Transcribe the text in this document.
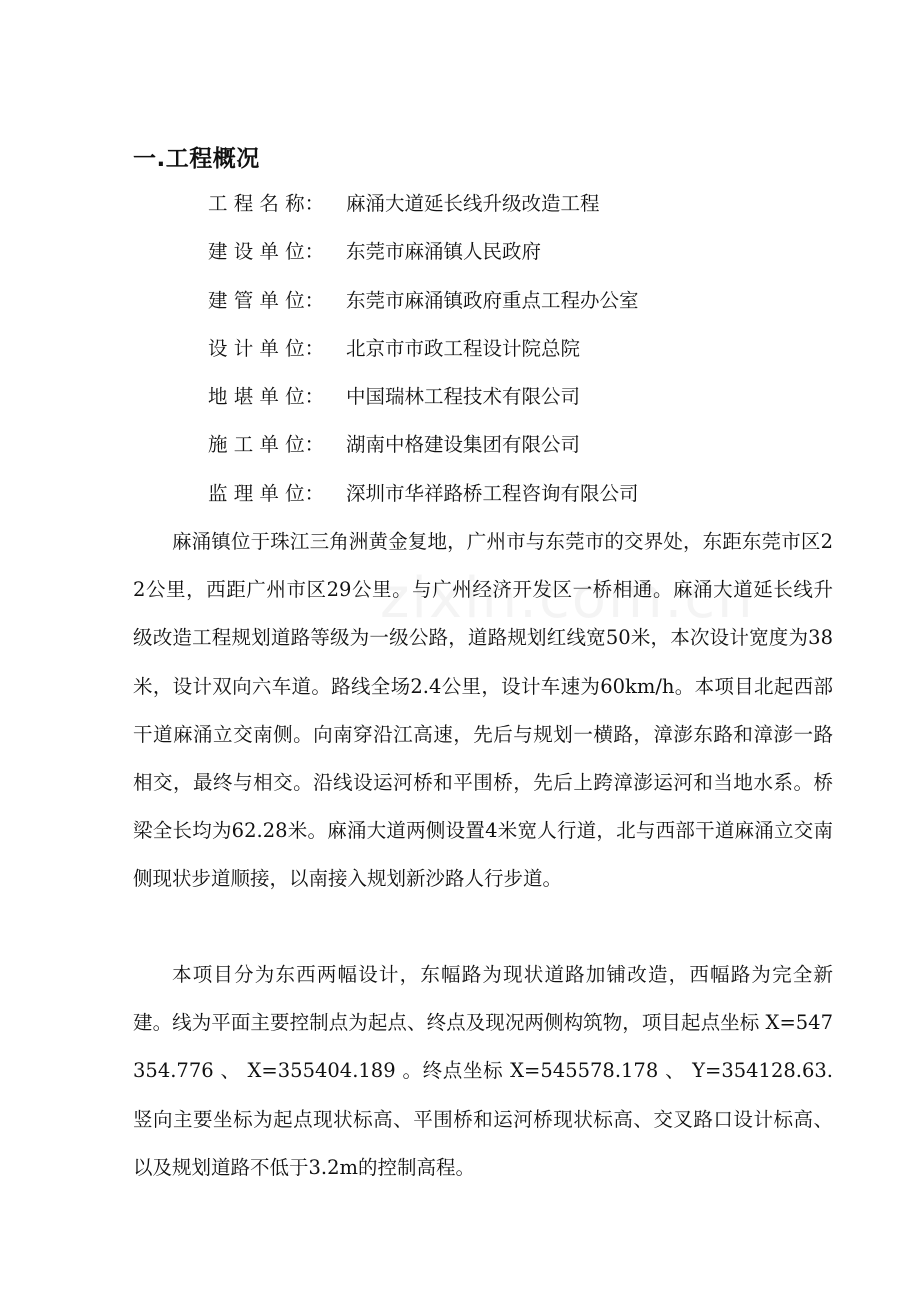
一.工程概况
工 程 名 称： 麻涌大道延长线升级改造工程
建 设 单 位： 东莞市麻涌镇人民政府
建 管 单 位： 东莞市麻涌镇政府重点工程办公室
设 计 单 位： 北京市市政工程设计院总院
地 堪 单 位： 中国瑞林工程技术有限公司
施 工 单 位： 湖南中格建设集团有限公司
监 理 单 位： 深圳市华祥路桥工程咨询有限公司

麻涌镇位于珠江三角洲黄金复地，广州市与东莞市的交界处，东距东莞市区22公里，西距广州市区29公里。与广州经济开发区一桥相通。麻涌大道延长线升级改造工程规划道路等级为一级公路，道路规划红线宽50米，本次设计宽度为38米，设计双向六车道。路线全场2.4公里，设计车速为60km/h。本项目北起西部干道麻涌立交南侧。向南穿沿江高速，先后与规划一横路，漳澎东路和漳澎一路相交，最终与相交。沿线设运河桥和平围桥，先后上跨漳澎运河和当地水系。桥梁全长均为62.28米。麻涌大道两侧设置4米宽人行道，北与西部干道麻涌立交南侧现状步道顺接，以南接入规划新沙路人行步道。

本项目分为东西两幅设计，东幅路为现状道路加铺改造，西幅路为完全新建。线为平面主要控制点为起点、终点及现况两侧构筑物，项目起点坐标 X=547354.776 、 X=355404.189 。终点坐标 X=545578.178 、 Y=354128.63.竖向主要坐标为起点现状标高、平围桥和运河桥现状标高、交叉路口设计标高、以及规划道路不低于3.2m的控制高程。
